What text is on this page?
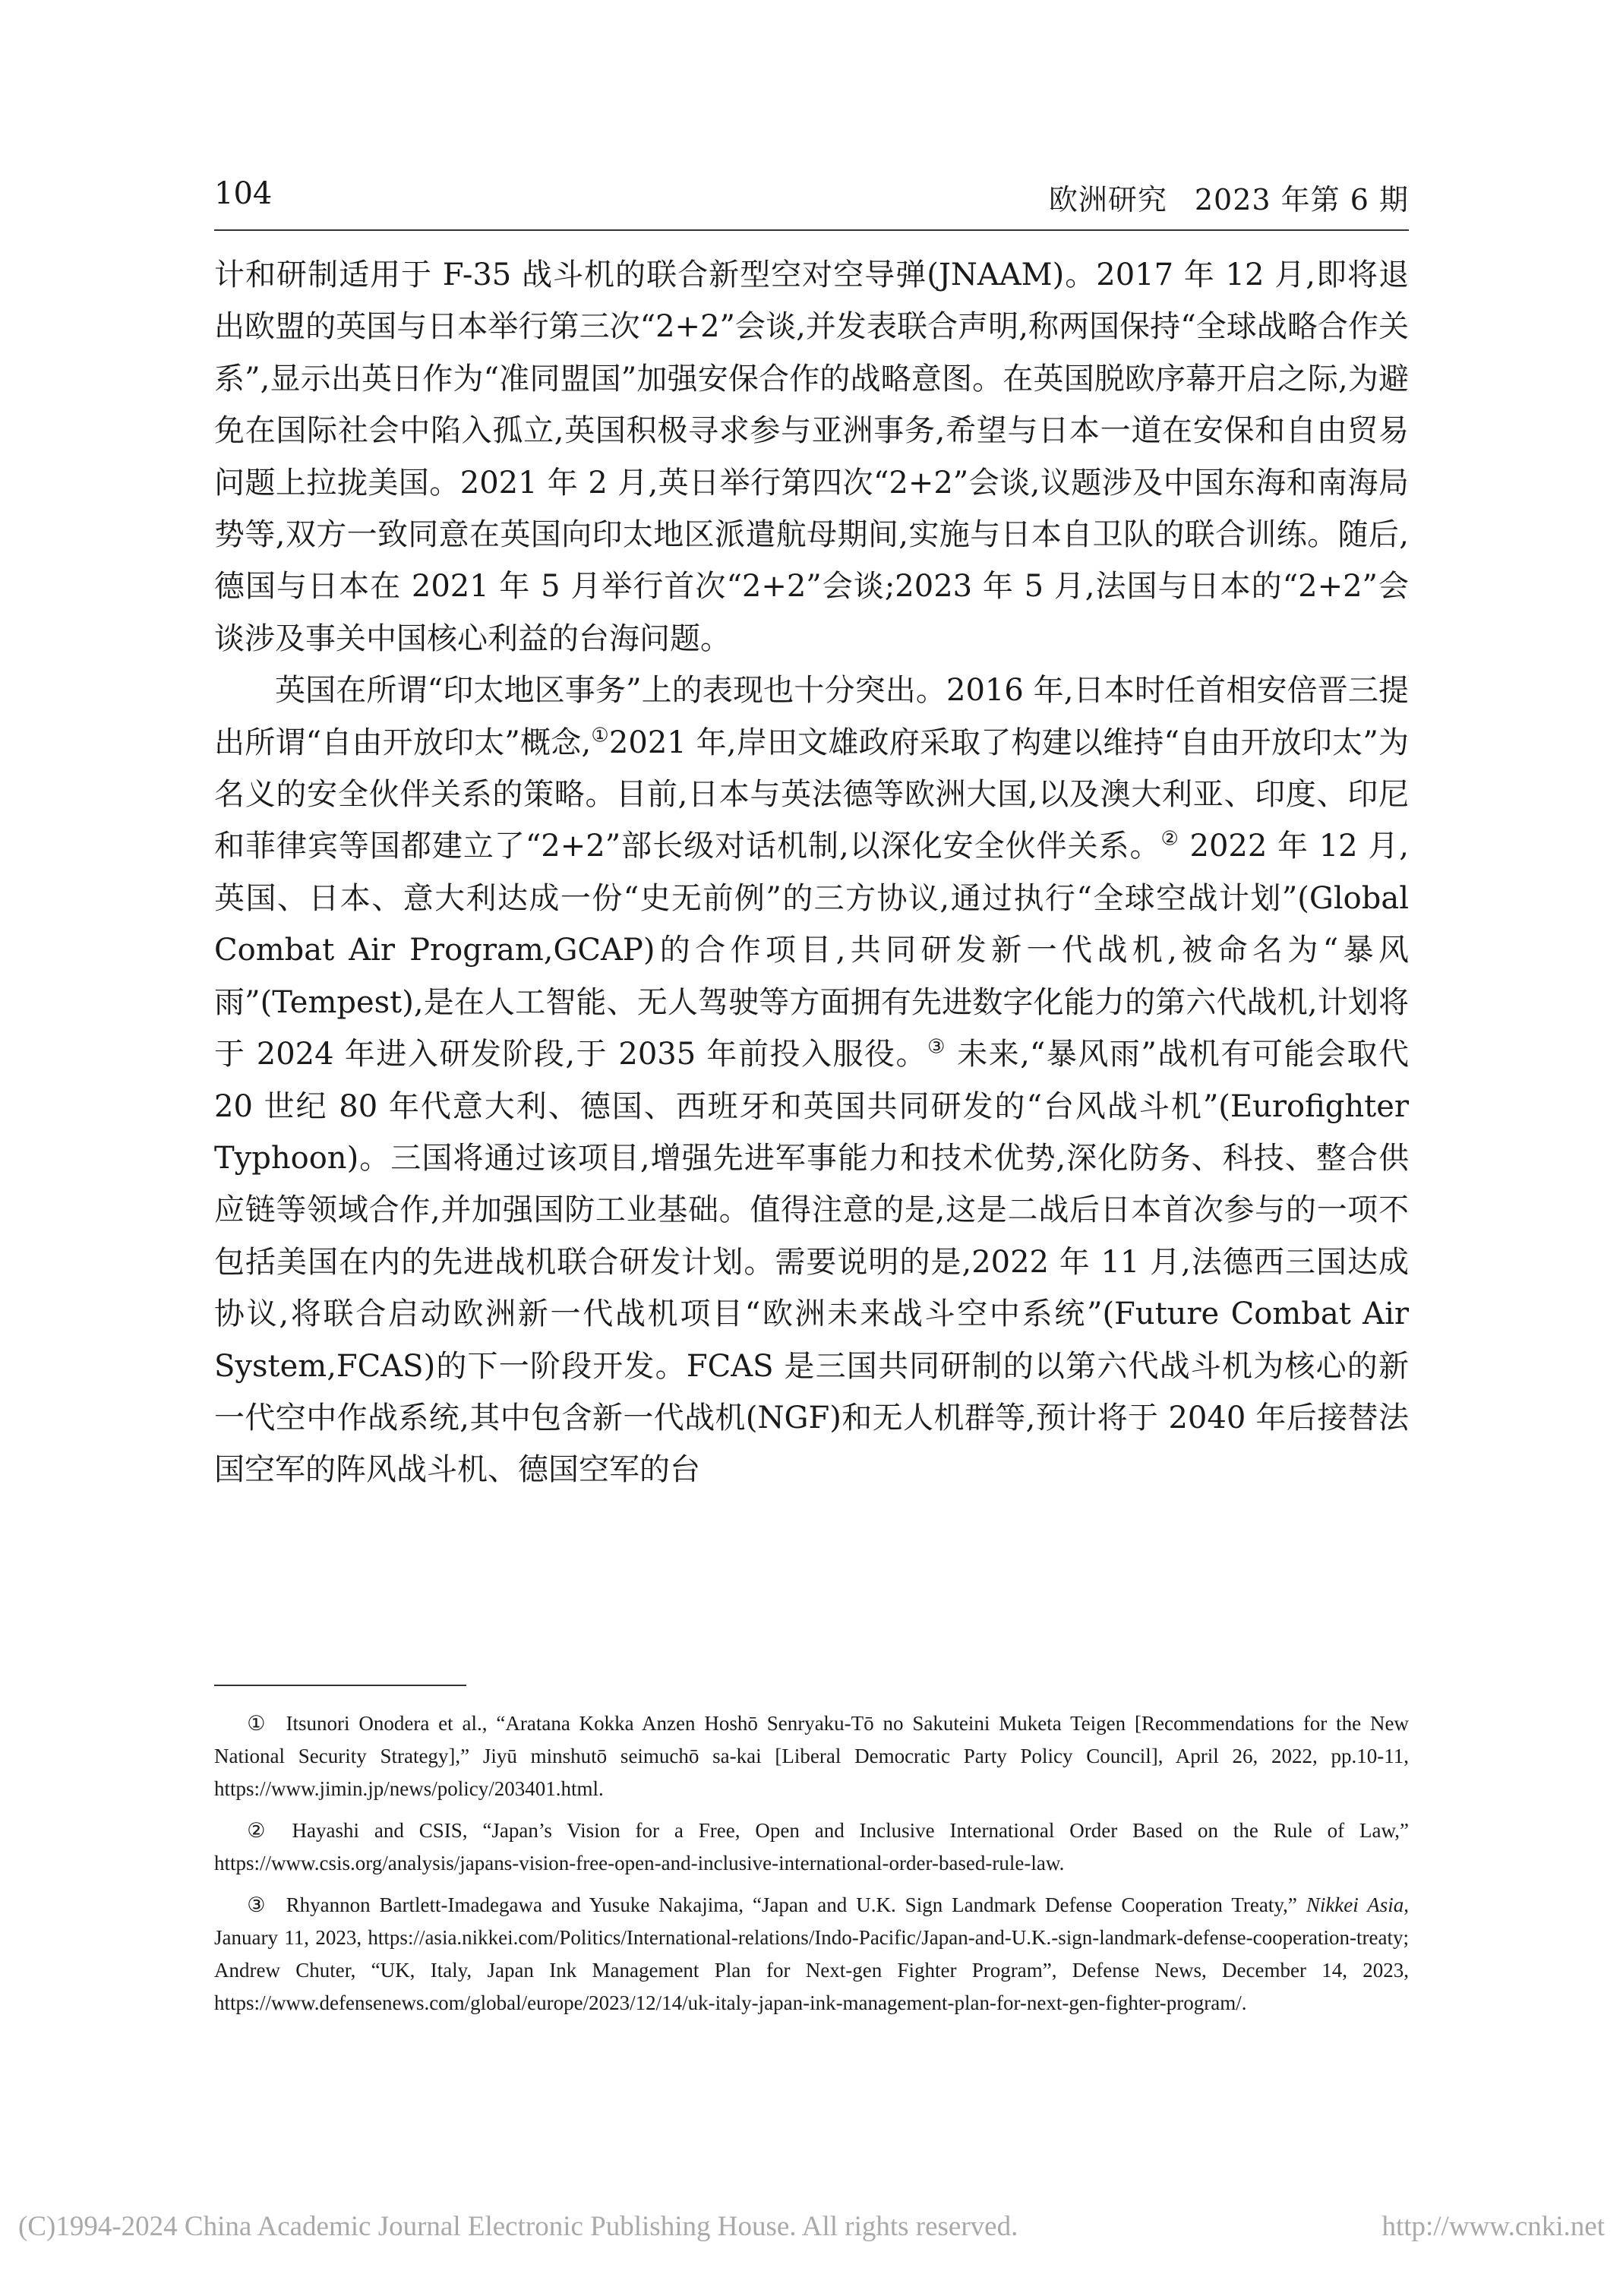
104	欧洲研究 2023 年第 6 期

计和研制适用于 F-35 战斗机的联合新型空对空导弹(JNAAM)。2017 年 12 月,即将退出欧盟的英国与日本举行第三次“2+2”会谈,并发表联合声明,称两国保持“全球战略合作关系”,显示出英日作为“准同盟国”加强安保合作的战略意图。在英国脱欧序幕开启之际,为避免在国际社会中陷入孤立,英国积极寻求参与亚洲事务,希望与日本一道在安保和自由贸易问题上拉拢美国。2021 年 2 月,英日举行第四次“2+2”会谈,议题涉及中国东海和南海局势等,双方一致同意在英国向印太地区派遣航母期间,实施与日本自卫队的联合训练。随后,德国与日本在 2021 年 5 月举行首次“2+2”会谈;2023 年 5 月,法国与日本的“2+2”会谈涉及事关中国核心利益的台海问题。

英国在所谓“印太地区事务”上的表现也十分突出。2016 年,日本时任首相安倍晋三提出所谓“自由开放印太”概念,①2021 年,岸田文雄政府采取了构建以维持“自由开放印太”为名义的安全伙伴关系的策略。目前,日本与英法德等欧洲大国,以及澳大利亚、印度、印尼和菲律宾等国都建立了“2+2”部长级对话机制,以深化安全伙伴关系。② 2022 年 12 月,英国、日本、意大利达成一份“史无前例”的三方协议,通过执行“全球空战计划”(Global Combat Air Program,GCAP)的合作项目,共同研发新一代战机,被命名为“暴风雨”(Tempest),是在人工智能、无人驾驶等方面拥有先进数字化能力的第六代战机,计划将于 2024 年进入研发阶段,于 2035 年前投入服役。③ 未来,“暴风雨”战机有可能会取代 20 世纪 80 年代意大利、德国、西班牙和英国共同研发的“台风战斗机”(Eurofighter Typhoon)。三国将通过该项目,增强先进军事能力和技术优势,深化防务、科技、整合供应链等领域合作,并加强国防工业基础。值得注意的是,这是二战后日本首次参与的一项不包括美国在内的先进战机联合研发计划。需要说明的是,2022 年 11 月,法德西三国达成协议,将联合启动欧洲新一代战机项目“欧洲未来战斗空中系统”(Future Combat Air System,FCAS)的下一阶段开发。FCAS 是三国共同研制的以第六代战斗机为核心的新一代空中作战系统,其中包含新一代战机(NGF)和无人机群等,预计将于 2040 年后接替法国空军的阵风战斗机、德国空军的台

① Itsunori Onodera et al., “Aratana Kokka Anzen Hoshō Senryaku-Tō no Sakuteini Muketa Teigen [Recommendations for the New National Security Strategy],” Jiyū minshutō seimuchō sa-kai [Liberal Democratic Party Policy Council], April 26, 2022, pp.10-11, https://www.jimin.jp/news/policy/203401.html.

② Hayashi and CSIS, “Japan’s Vision for a Free, Open and Inclusive International Order Based on the Rule of Law,” https://www.csis.org/analysis/japans-vision-free-open-and-inclusive-international-order-based-rule-law.

③ Rhyannon Bartlett-Imadegawa and Yusuke Nakajima, “Japan and U.K. Sign Landmark Defense Cooperation Treaty,” Nikkei Asia, January 11, 2023, https://asia.nikkei.com/Politics/International-relations/Indo-Pacific/Japan-and-U.K.-sign-landmark-defense-cooperation-treaty; Andrew Chuter, “UK, Italy, Japan Ink Management Plan for Next-gen Fighter Program”, Defense News, December 14, 2023, https://www.defensenews.com/global/europe/2023/12/14/uk-italy-japan-ink-management-plan-for-next-gen-fighter-program/.

(C)1994-2024 China Academic Journal Electronic Publishing House. All rights reserved.	http://www.cnki.net
